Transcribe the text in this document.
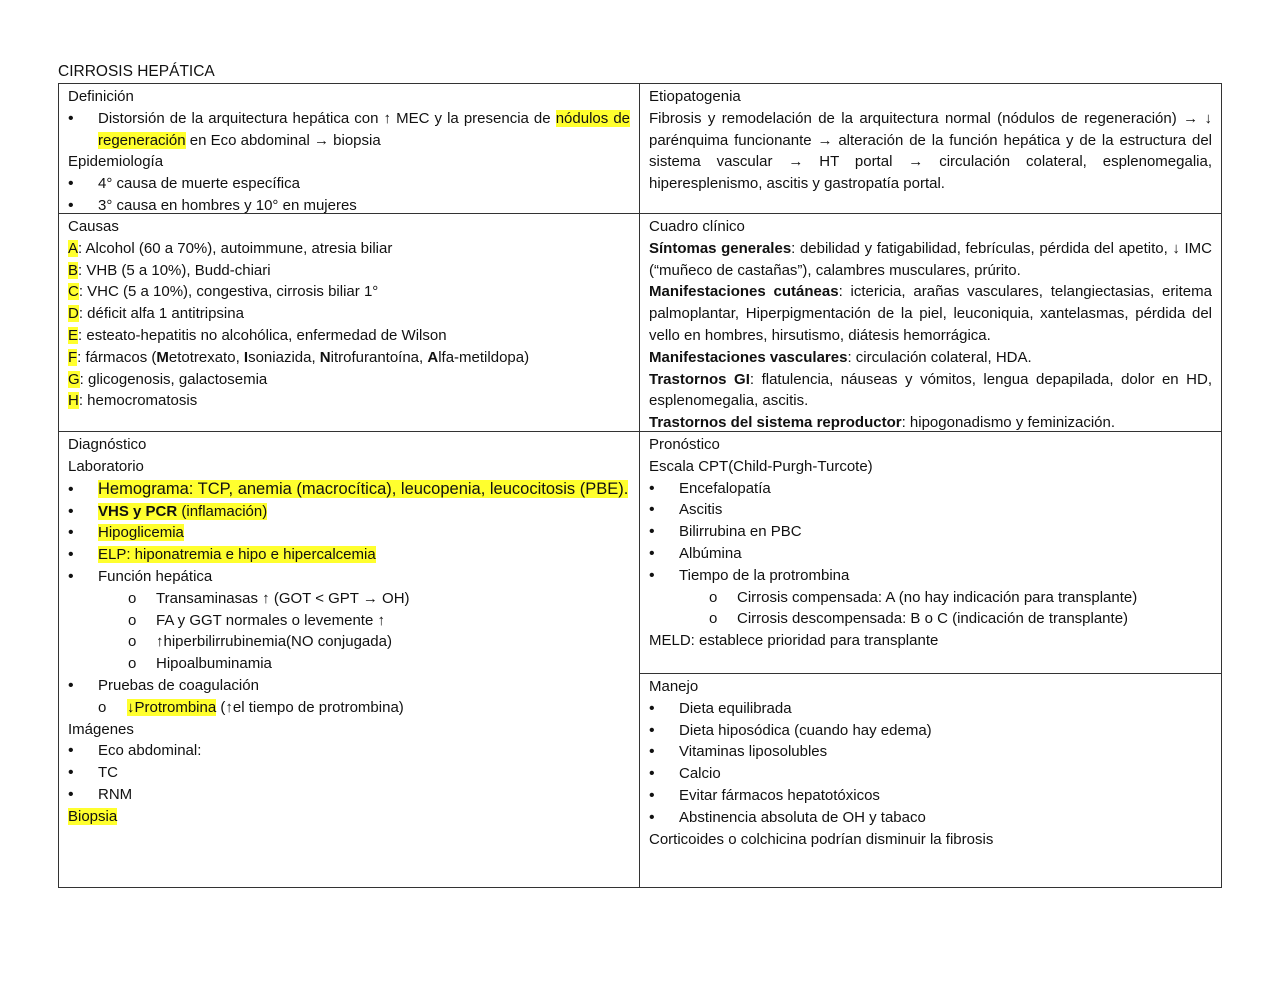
CIRROSIS HEPÁTICA

Definición

• Distorsión de la arquitectura hepática con ↑ MEC y la presencia de nódulos de regeneración en Eco abdominal → biopsia

Epidemiología

• 4° causa de muerte específica

• 3° causa en hombres y 10° en mujeres

Etiopatogenia

Fibrosis y remodelación de la arquitectura normal (nódulos de regeneración) → ↓ parénquima funcionante → alteración de la función hepática y de la estructura del sistema vascular → HT portal → circulación colateral, esplenomegalia, hiperesplenismo, ascitis y gastropatía portal.

Causas

A: Alcohol (60 a 70%), autoimmune, atresia biliar

B: VHB (5 a 10%), Budd-chiari

C: VHC (5 a 10%), congestiva, cirrosis biliar 1°

D: déficit alfa 1 antitripsina

E: esteato-hepatitis no alcohólica, enfermedad de Wilson

F: fármacos (Metotrexato, Isoniazida, Nitrofurantoína, Alfa-metildopa)

G: glicogenosis, galactosemia

H: hemocromatosis

Cuadro clínico

Síntomas generales: debilidad y fatigabilidad, febrículas, pérdida del apetito, ↓ IMC (“muñeco de castañas”), calambres musculares, prúrito.

Manifestaciones cutáneas: ictericia, arañas vasculares, telangiectasias, eritema palmoplantar, Hiperpigmentación de la piel, leuconiquia, xantelasmas, pérdida del vello en hombres, hirsutismo, diátesis hemorrágica.

Manifestaciones vasculares: circulación colateral, HDA.

Trastornos GI: flatulencia, náuseas y vómitos, lengua depapilada, dolor en HD, esplenomegalia, ascitis.

Trastornos del sistema reproductor: hipogonadismo y feminización.

Diagnóstico

Laboratorio

• Hemograma: TCP, anemia (macrocítica), leucopenia, leucocitosis (PBE).
• VHS y PCR (inflamación)
• Hipoglicemia
• ELP: hiponatremia e hipo e hipercalcemia

• Función hepática

o Transaminasas ↑ (GOT < GPT → OH)

o FA y GGT normales o levemente ↑

o ↑hiperbilirrubinemia(NO conjugada)

o Hipoalbuminamia

• Pruebas de coagulación

o ↓Protrombina (↑el tiempo de protrombina)

Imágenes

• Eco abdominal:

• TC

• RNM

Biopsia

Pronóstico

Escala CPT(Child-Purgh-Turcote)

• Encefalopatía

• Ascitis

• Bilirrubina en PBC

• Albúmina

• Tiempo de la protrombina

o Cirrosis compensada: A (no hay indicación para transplante)

o Cirrosis descompensada: B o C (indicación de transplante)

MELD: establece prioridad para transplante

Manejo

• Dieta equilibrada

• Dieta hiposódica (cuando hay edema)

• Vitaminas liposolubles

• Calcio

• Evitar fármacos hepatotóxicos

• Abstinencia absoluta de OH y tabaco

Corticoides o colchicina podrían disminuir la fibrosis
